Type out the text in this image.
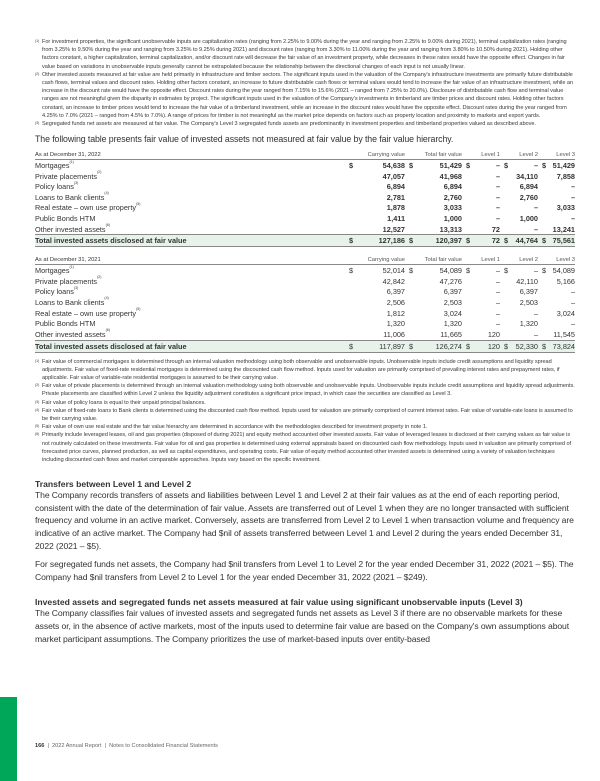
(1) For investment properties, the significant unobservable inputs are capitalization rates (ranging from 2.25% to 9.00% during the year and ranging from 2.25% to 9.00% during 2021), terminal capitalization rates (ranging from 3.25% to 9.50% during the year and ranging from 3.25% to 9.25% during 2021) and discount rates (ranging from 3.30% to 11.00% during the year and ranging from 3.80% to 10.50% during 2021). Holding other factors constant, a higher capitalization, terminal capitalization, and/or discount rate will decrease the fair value of an investment property, while decreases in these rates would have the opposite effect. Changes in fair value based on variations in unobservable inputs generally cannot be extrapolated because the relationship between the directional changes of each input is not usually linear.
(2) Other invested assets measured at fair value are held primarily in infrastructure and timber sectors. The significant inputs used in the valuation of the Company's infrastructure investments are primarily future distributable cash flows, terminal values and discount rates. Holding other factors constant, an increase to future distributable cash flows or terminal values would tend to increase the fair value of an infrastructure investment, while an increase in the discount rate would have the opposite effect. Discount rates during the year ranged from 7.15% to 15.6% (2021 – ranged from 7.25% to 20.0%). Disclosure of distributable cash flow and terminal value ranges are not meaningful given the disparity in estimates by project. The significant inputs used in the valuation of the Company's investments in timberland are timber prices and discount rates. Holding other factors constant, an increase to timber prices would tend to increase the fair value of a timberland investment, while an increase in the discount rates would have the opposite effect. Discount rates during the year ranged from 4.25% to 7.0% (2021 – ranged from 4.5% to 7.0%). A range of prices for timber is not meaningful as the market price depends on factors such as property location and proximity to markets and export yards.
(3) Segregated funds net assets are measured at fair value. The Company's Level 3 segregated funds assets are predominantly in investment properties and timberland properties valued as described above.

The following table presents fair value of invested assets not measured at fair value by the fair value hierarchy.

As at December 31, 2022	Carrying value	Total fair value	Level 1	Level 2	Level 3
Mortgages$^{(1)}$	$ 54,638	$ 51,429	$ –	$ –	$ 51,429
Private placements$^{(2)}$	47,057	41,968	–	34,110	7,858
Policy loans$^{(3)}$	6,894	6,894	–	6,894	–
Loans to Bank clients$^{(4)}$	2,781	2,760	–	2,760	–
Real estate – own use property$^{(5)}$	1,878	3,033	–	–	3,033
Public Bonds HTM	1,411	1,000	–	1,000	–
Other invested assets$^{(6)}$	12,527	13,313	72	–	13,241
Total invested assets disclosed at fair value	$ 127,186	$ 120,397	$ 72	$ 44,764	$ 75,561
As at December 31, 2021	Carrying value	Total fair value	Level 1	Level 2	Level 3
Mortgages$^{(1)}$	$ 52,014	$ 54,089	$ –	$ –	$ 54,089
Private placements$^{(2)}$	42,842	47,276	–	42,110	5,166
Policy loans$^{(3)}$	6,397	6,397	–	6,397	–
Loans to Bank clients$^{(4)}$	2,506	2,503	–	2,503	–
Real estate – own use property$^{(5)}$	1,812	3,024	–	–	3,024
Public Bonds HTM	1,320	1,320	–	1,320	–
Other invested assets$^{(6)}$	11,006	11,665	120	–	11,545
Total invested assets disclosed at fair value	$ 117,897	$ 126,274	$ 120	$ 52,330	$ 73,824
(1) Fair value of commercial mortgages is determined through an internal valuation methodology using both observable and unobservable inputs. Unobservable inputs include credit assumptions and liquidity spread adjustments. Fair value of fixed-rate residential mortgages is determined using the discounted cash flow method. Inputs used for valuation are primarily comprised of prevailing interest rates and prepayment rates, if applicable. Fair value of variable-rate residential mortgages is assumed to be their carrying value.
(2) Fair value of private placements is determined through an internal valuation methodology using both observable and unobservable inputs. Unobservable inputs include credit assumptions and liquidity spread adjustments. Private placements are classified within Level 2 unless the liquidity adjustment constitutes a significant price impact, in which case the securities are classified as Level 3.
(3) Fair value of policy loans is equal to their unpaid principal balances.
(4) Fair value of fixed-rate loans to Bank clients is determined using the discounted cash flow method. Inputs used for valuation are primarily comprised of current interest rates. Fair value of variable-rate loans is assumed to be their carrying value.
(5) Fair value of own use real estate and the fair value hierarchy are determined in accordance with the methodologies described for investment property in note 1.
(6) Primarily include leveraged leases, oil and gas properties (disposed of during 2021) and equity method accounted other invested assets. Fair value of leveraged leases is disclosed at their carrying values as fair value is not routinely calculated on these investments. Fair value for oil and gas properties is determined using external appraisals based on discounted cash flow methodology. Inputs used in valuation are primarily comprised of forecasted price curves, planned production, as well as capital expenditures, and operating costs. Fair value of equity method accounted other invested assets is determined using a variety of valuation techniques including discounted cash flows and market comparable approaches. Inputs vary based on the specific investment.
Transfers between Level 1 and Level 2

The Company records transfers of assets and liabilities between Level 1 and Level 2 at their fair values as at the end of each reporting period, consistent with the date of the determination of fair value. Assets are transferred out of Level 1 when they are no longer transacted with sufficient frequency and volume in an active market. Conversely, assets are transferred from Level 2 to Level 1 when transaction volume and frequency are indicative of an active market. The Company had $nil of assets transferred between Level 1 and Level 2 during the years ended December 31, 2022 (2021 – $5).

For segregated funds net assets, the Company had $nil transfers from Level 1 to Level 2 for the year ended December 31, 2022 (2021 – $5). The Company had $nil transfers from Level 2 to Level 1 for the year ended December 31, 2022 (2021 – $249).

Invested assets and segregated funds net assets measured at fair value using significant unobservable inputs (Level 3)

The Company classifies fair values of invested assets and segregated funds net assets as Level 3 if there are no observable markets for these assets or, in the absence of active markets, most of the inputs used to determine fair value are based on the Company's own assumptions about market participant assumptions. The Company prioritizes the use of market-based inputs over entity-based

166 | 2022 Annual Report | Notes to Consolidated Financial Statements
